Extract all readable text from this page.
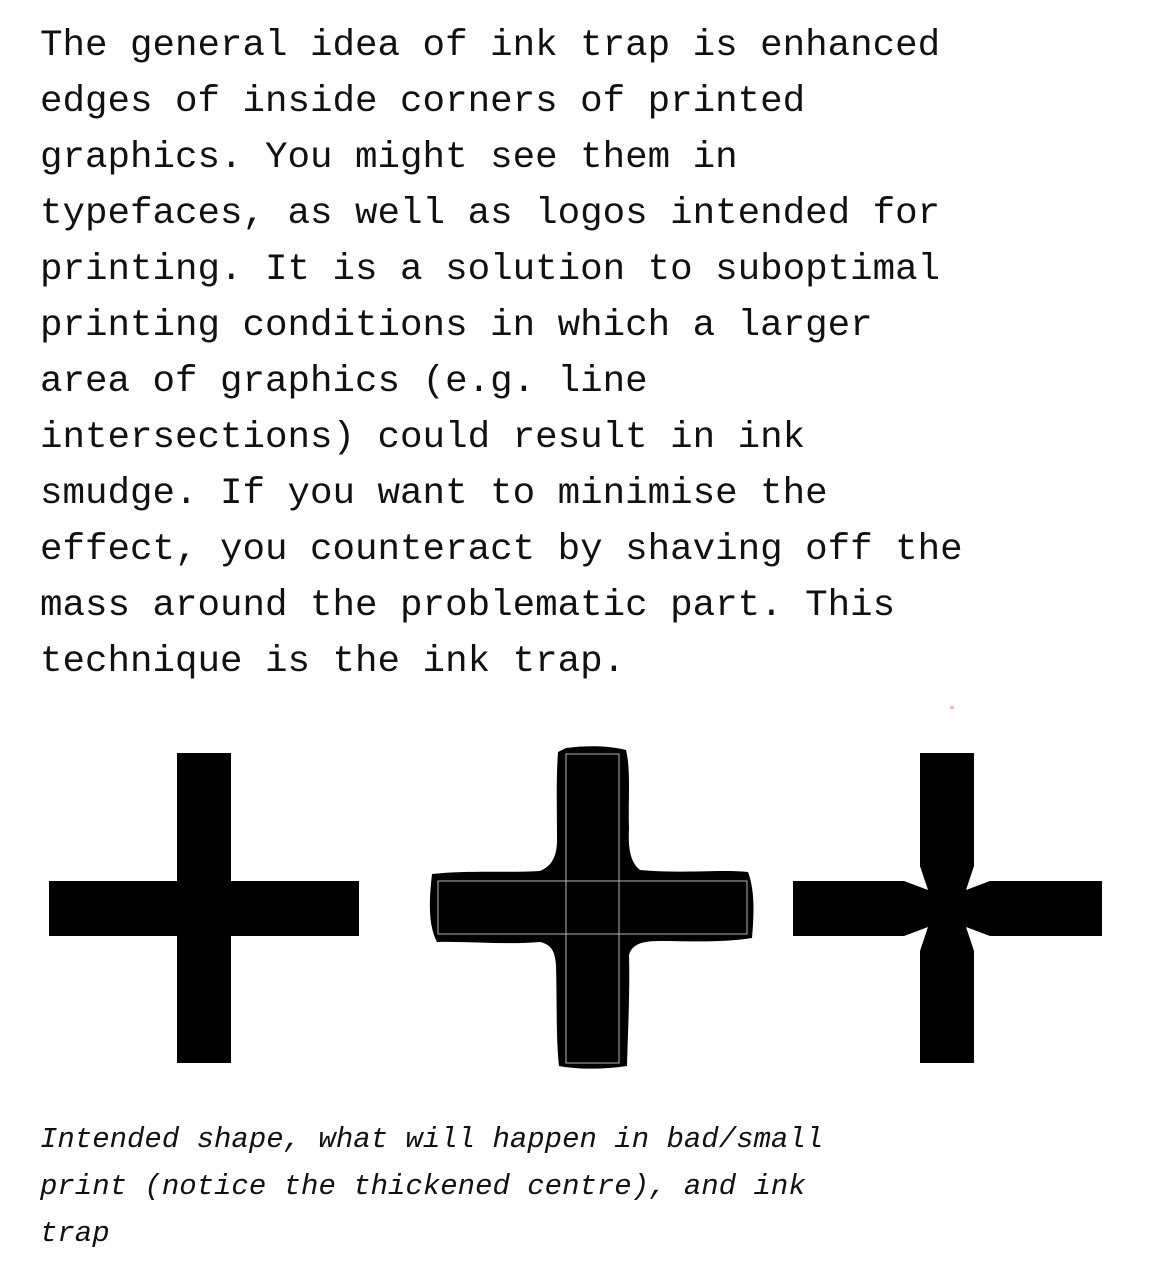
The general idea of ink trap is enhanced
edges of inside corners of printed
graphics. You might see them in
typefaces, as well as logos intended for
printing. It is a solution to suboptimal
printing conditions in which a larger
area of graphics (e.g. line
intersections) could result in ink
smudge. If you want to minimise the
effect, you counteract by shaving off the
mass around the problematic part. This
technique is the ink trap.

Intended shape, what will happen in bad/small
print (notice the thickened centre), and ink
trap
